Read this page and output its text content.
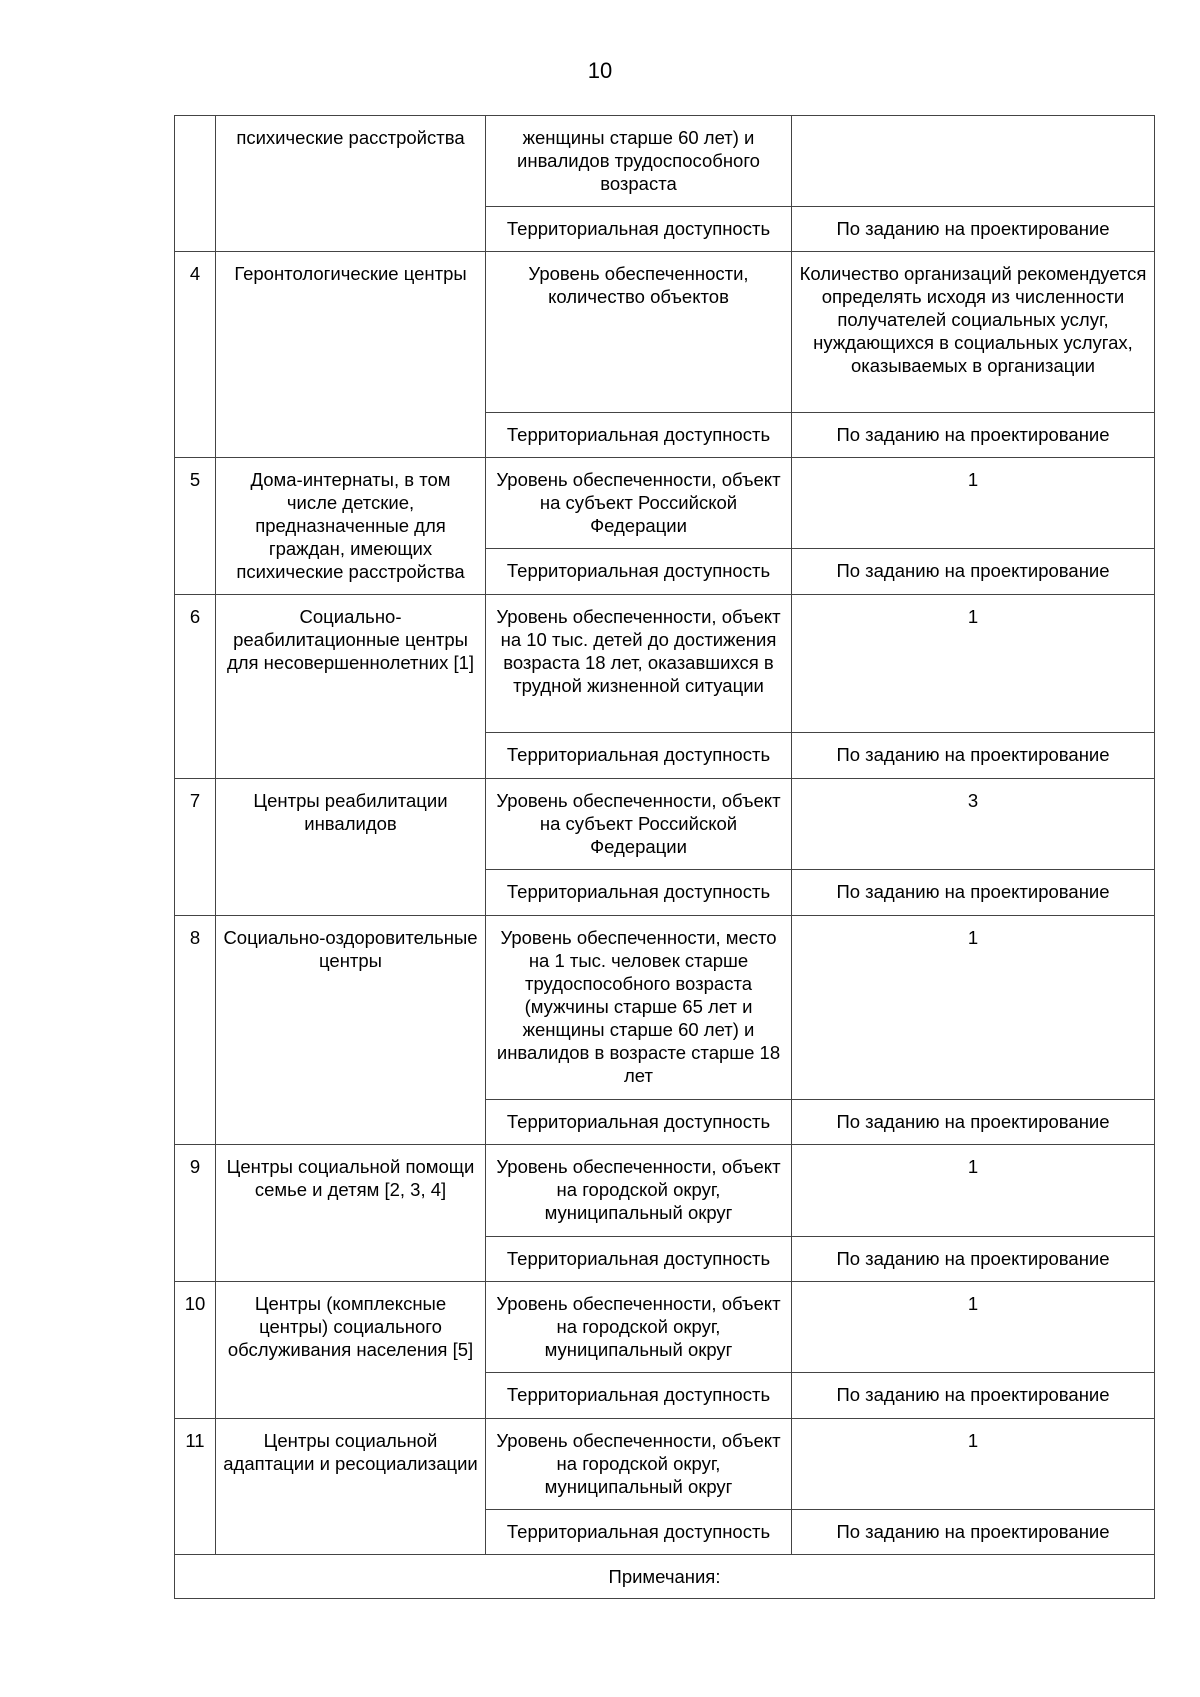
10
	психические расстройства	женщины старше 60 лет) и инвалидов трудоспособного возраста	
		Территориальная доступность	По заданию на проектирование
4	Геронтологические центры	Уровень обеспеченности, количество объектов	Количество организаций рекомендуется определять исходя из численности получателей социальных услуг, нуждающихся в социальных услугах, оказываемых в организации
		Территориальная доступность	По заданию на проектирование
5	Дома-интернаты, в том числе детские, предназначенные для граждан, имеющих психические расстройства	Уровень обеспеченности, объект на субъект Российской Федерации	1
		Территориальная доступность	По заданию на проектирование
6	Социально-реабилитационные центры для несовершеннолетних [1]	Уровень обеспеченности, объект на 10 тыс. детей до достижения возраста 18 лет, оказавшихся в трудной жизненной ситуации	1
		Территориальная доступность	По заданию на проектирование
7	Центры реабилитации инвалидов	Уровень обеспеченности, объект на субъект Российской Федерации	3
		Территориальная доступность	По заданию на проектирование
8	Социально-оздоровительные центры	Уровень обеспеченности, место на 1 тыс. человек старше трудоспособного возраста (мужчины старше 65 лет и женщины старше 60 лет) и инвалидов в возрасте старше 18 лет	1
		Территориальная доступность	По заданию на проектирование
9	Центры социальной помощи семье и детям [2, 3, 4]	Уровень обеспеченности, объект на городской округ, муниципальный округ	1
		Территориальная доступность	По заданию на проектирование
10	Центры (комплексные центры) социального обслуживания населения [5]	Уровень обеспеченности, объект на городской округ, муниципальный округ	1
		Территориальная доступность	По заданию на проектирование
11	Центры социальной адаптации и ресоциализации	Уровень обеспеченности, объект на городской округ, муниципальный округ	1
		Территориальная доступность	По заданию на проектирование
Примечания:			
